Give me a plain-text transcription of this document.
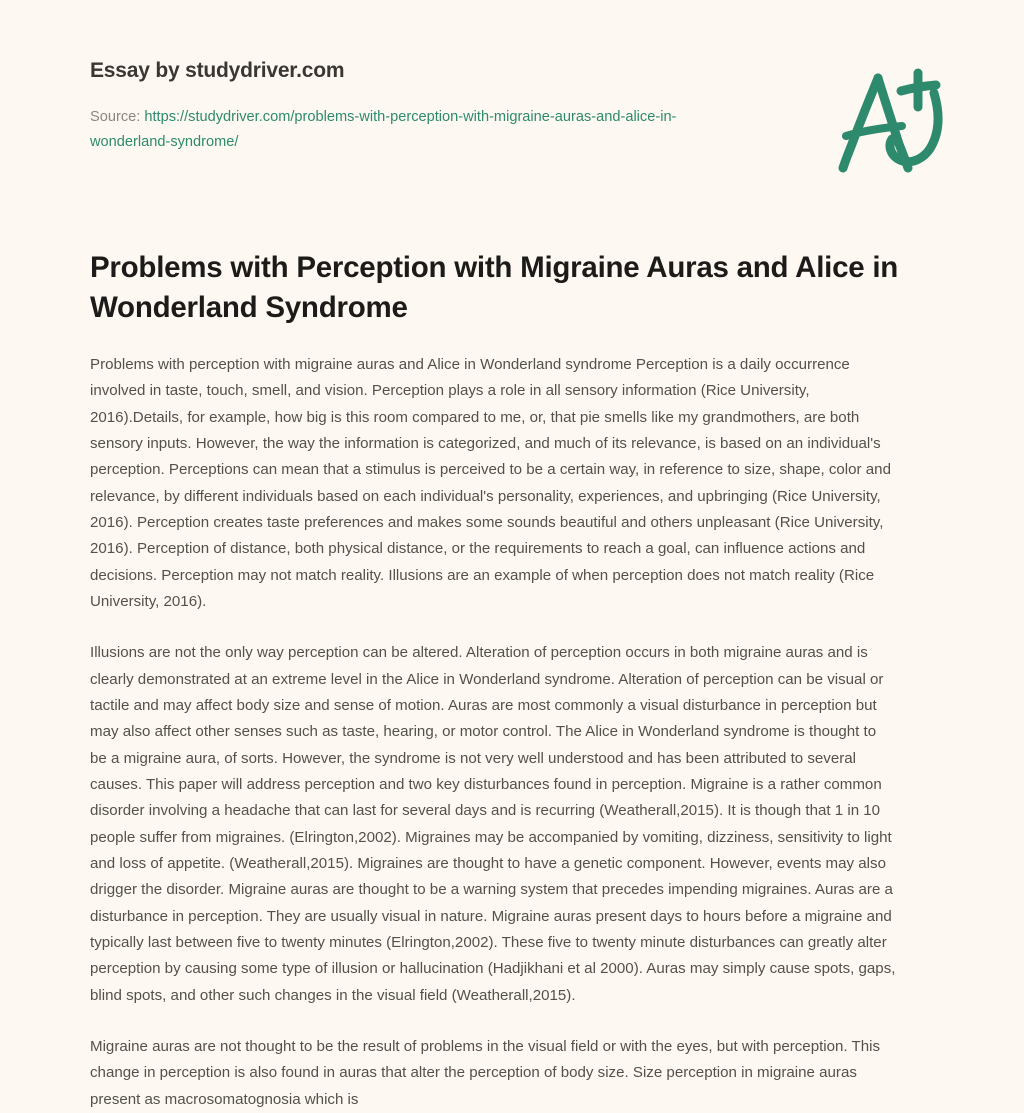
Essay by studydriver.com
Source: https://studydriver.com/problems-with-perception-with-migraine-auras-and-alice-in-wonderland-syndrome/
Problems with Perception with Migraine Auras and Alice in Wonderland Syndrome

Problems with perception with migraine auras and Alice in Wonderland syndrome Perception is a daily occurrence involved in taste, touch, smell, and vision. Perception plays a role in all sensory information (Rice University, 2016).Details, for example, how big is this room compared to me, or, that pie smells like my grandmothers, are both sensory inputs. However, the way the information is categorized, and much of its relevance, is based on an individual's perception. Perceptions can mean that a stimulus is perceived to be a certain way, in reference to size, shape, color and relevance, by different individuals based on each individual's personality, experiences, and upbringing (Rice University, 2016). Perception creates taste preferences and makes some sounds beautiful and others unpleasant (Rice University, 2016). Perception of distance, both physical distance, or the requirements to reach a goal, can influence actions and decisions. Perception may not match reality. Illusions are an example of when perception does not match reality (Rice University, 2016).

Illusions are not the only way perception can be altered. Alteration of perception occurs in both migraine auras and is clearly demonstrated at an extreme level in the Alice in Wonderland syndrome. Alteration of perception can be visual or tactile and may affect body size and sense of motion. Auras are most commonly a visual disturbance in perception but may also affect other senses such as taste, hearing, or motor control. The Alice in Wonderland syndrome is thought to be a migraine aura, of sorts. However, the syndrome is not very well understood and has been attributed to several causes. This paper will address perception and two key disturbances found in perception. Migraine is a rather common disorder involving a headache that can last for several days and is recurring (Weatherall,2015). It is though that 1 in 10 people suffer from migraines. (Elrington,2002). Migraines may be accompanied by vomiting, dizziness, sensitivity to light and loss of appetite. (Weatherall,2015). Migraines are thought to have a genetic component. However, events may also drigger the disorder. Migraine auras are thought to be a warning system that precedes impending migraines. Auras are a disturbance in perception. They are usually visual in nature. Migraine auras present days to hours before a migraine and typically last between five to twenty minutes (Elrington,2002). These five to twenty minute disturbances can greatly alter perception by causing some type of illusion or hallucination (Hadjikhani et al 2000). Auras may simply cause spots, gaps, blind spots, and other such changes in the visual field (Weatherall,2015).

Migraine auras are not thought to be the result of problems in the visual field or with the eyes, but with perception. This change in perception is also found in auras that alter the perception of body size. Size perception in migraine auras present as macrosomatognosia which is
